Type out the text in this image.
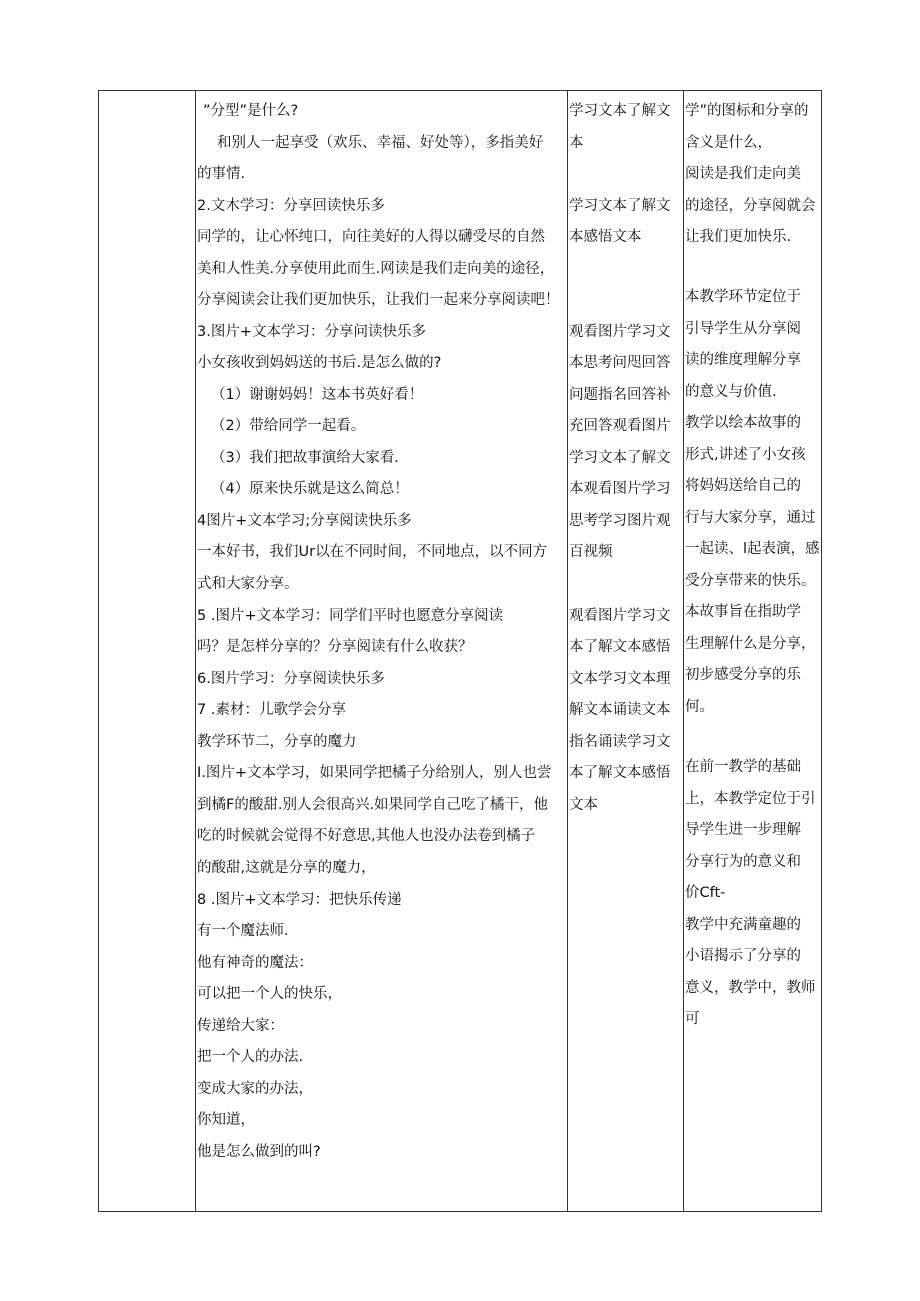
”分型”是什么?
和别人一起享受（欢乐、幸福、好处等），多指美好
的事情.
2.文木学习：分享回读快乐多
同学的，让心怀纯口，向往美好的人得以礴受尽的自然
美和人性美.分享使用此而生.网读是我们走向美的途径，
分享阅读会让我们更加快乐，让我们一起来分享阅读吧！
3.图片+文本学习：分享问读快乐多
小女孩收到妈妈送的书后.是怎么做的?
（1）谢谢妈妈！这本书英好看！
（2）带给同学一起看。
（3）我们把故事演给大家看.
（4）原来快乐就是这么简总！
4图片+文本学习;分享阅读快乐多
一本好书，我们Ur以在不同时间，不同地点，以不同方
式和大家分享。
5 .图片+文本学习：同学们平时也愿意分享阅读
吗？是怎样分享的？分享阅读有什么收获？
6.图片学习：分享阅读快乐多
7 .素材：儿歌学会分享
教学环节二，分享的魔力
I.图片+文本学习，如果同学把橘子分给别人，别人也尝
到橘F的酸甜.别人会很高兴.如果同学自己吃了橘干，他
吃的时候就会觉得不好意思,其他人也没办法卷到橘子
的酸甜,这就是分享的魔力，
8 .图片+文本学习：把快乐传递
有一个魔法师.
他有神奇的魔法：
可以把一个人的快乐，
传递给大家：
把一个人的办法.
变成大家的办法，
你知道，
他是怎么做到的叫?
学习文本了解文
本
学习文本了解文
本感悟文本
观看图片学习文
本思考问咫回答
问题指名回答补
充回答观看图片
学习文本了解文
本观看图片学习
思考学习图片观
百视频
观看图片学习文
本了解文本感悟
文本学习文本理
解文本诵读文本
指名诵读学习文
本了解文本感悟
文本
学”的图标和分享的
含义是什么，
阅读是我们走向美
的途径，分享阅就会
让我们更加快乐.
本教学环节定位于
引导学生从分享阅
读的维度理解分享
的意义与价值.
教学以绘本故事的
形式,讲述了小女孩
将妈妈送给自己的
行与大家分享，通过
一起读、l起表演，感
受分享带来的快乐。
本故事旨在指助学
生理解什么是分享，
初步感受分享的乐
何。
在前一教学的基础
上，本教学定位于引
导学生进一步理解
分享行为的意义和
价Cft-
教学中充满童趣的
小语揭示了分享的
意义，教学中，教师
可
